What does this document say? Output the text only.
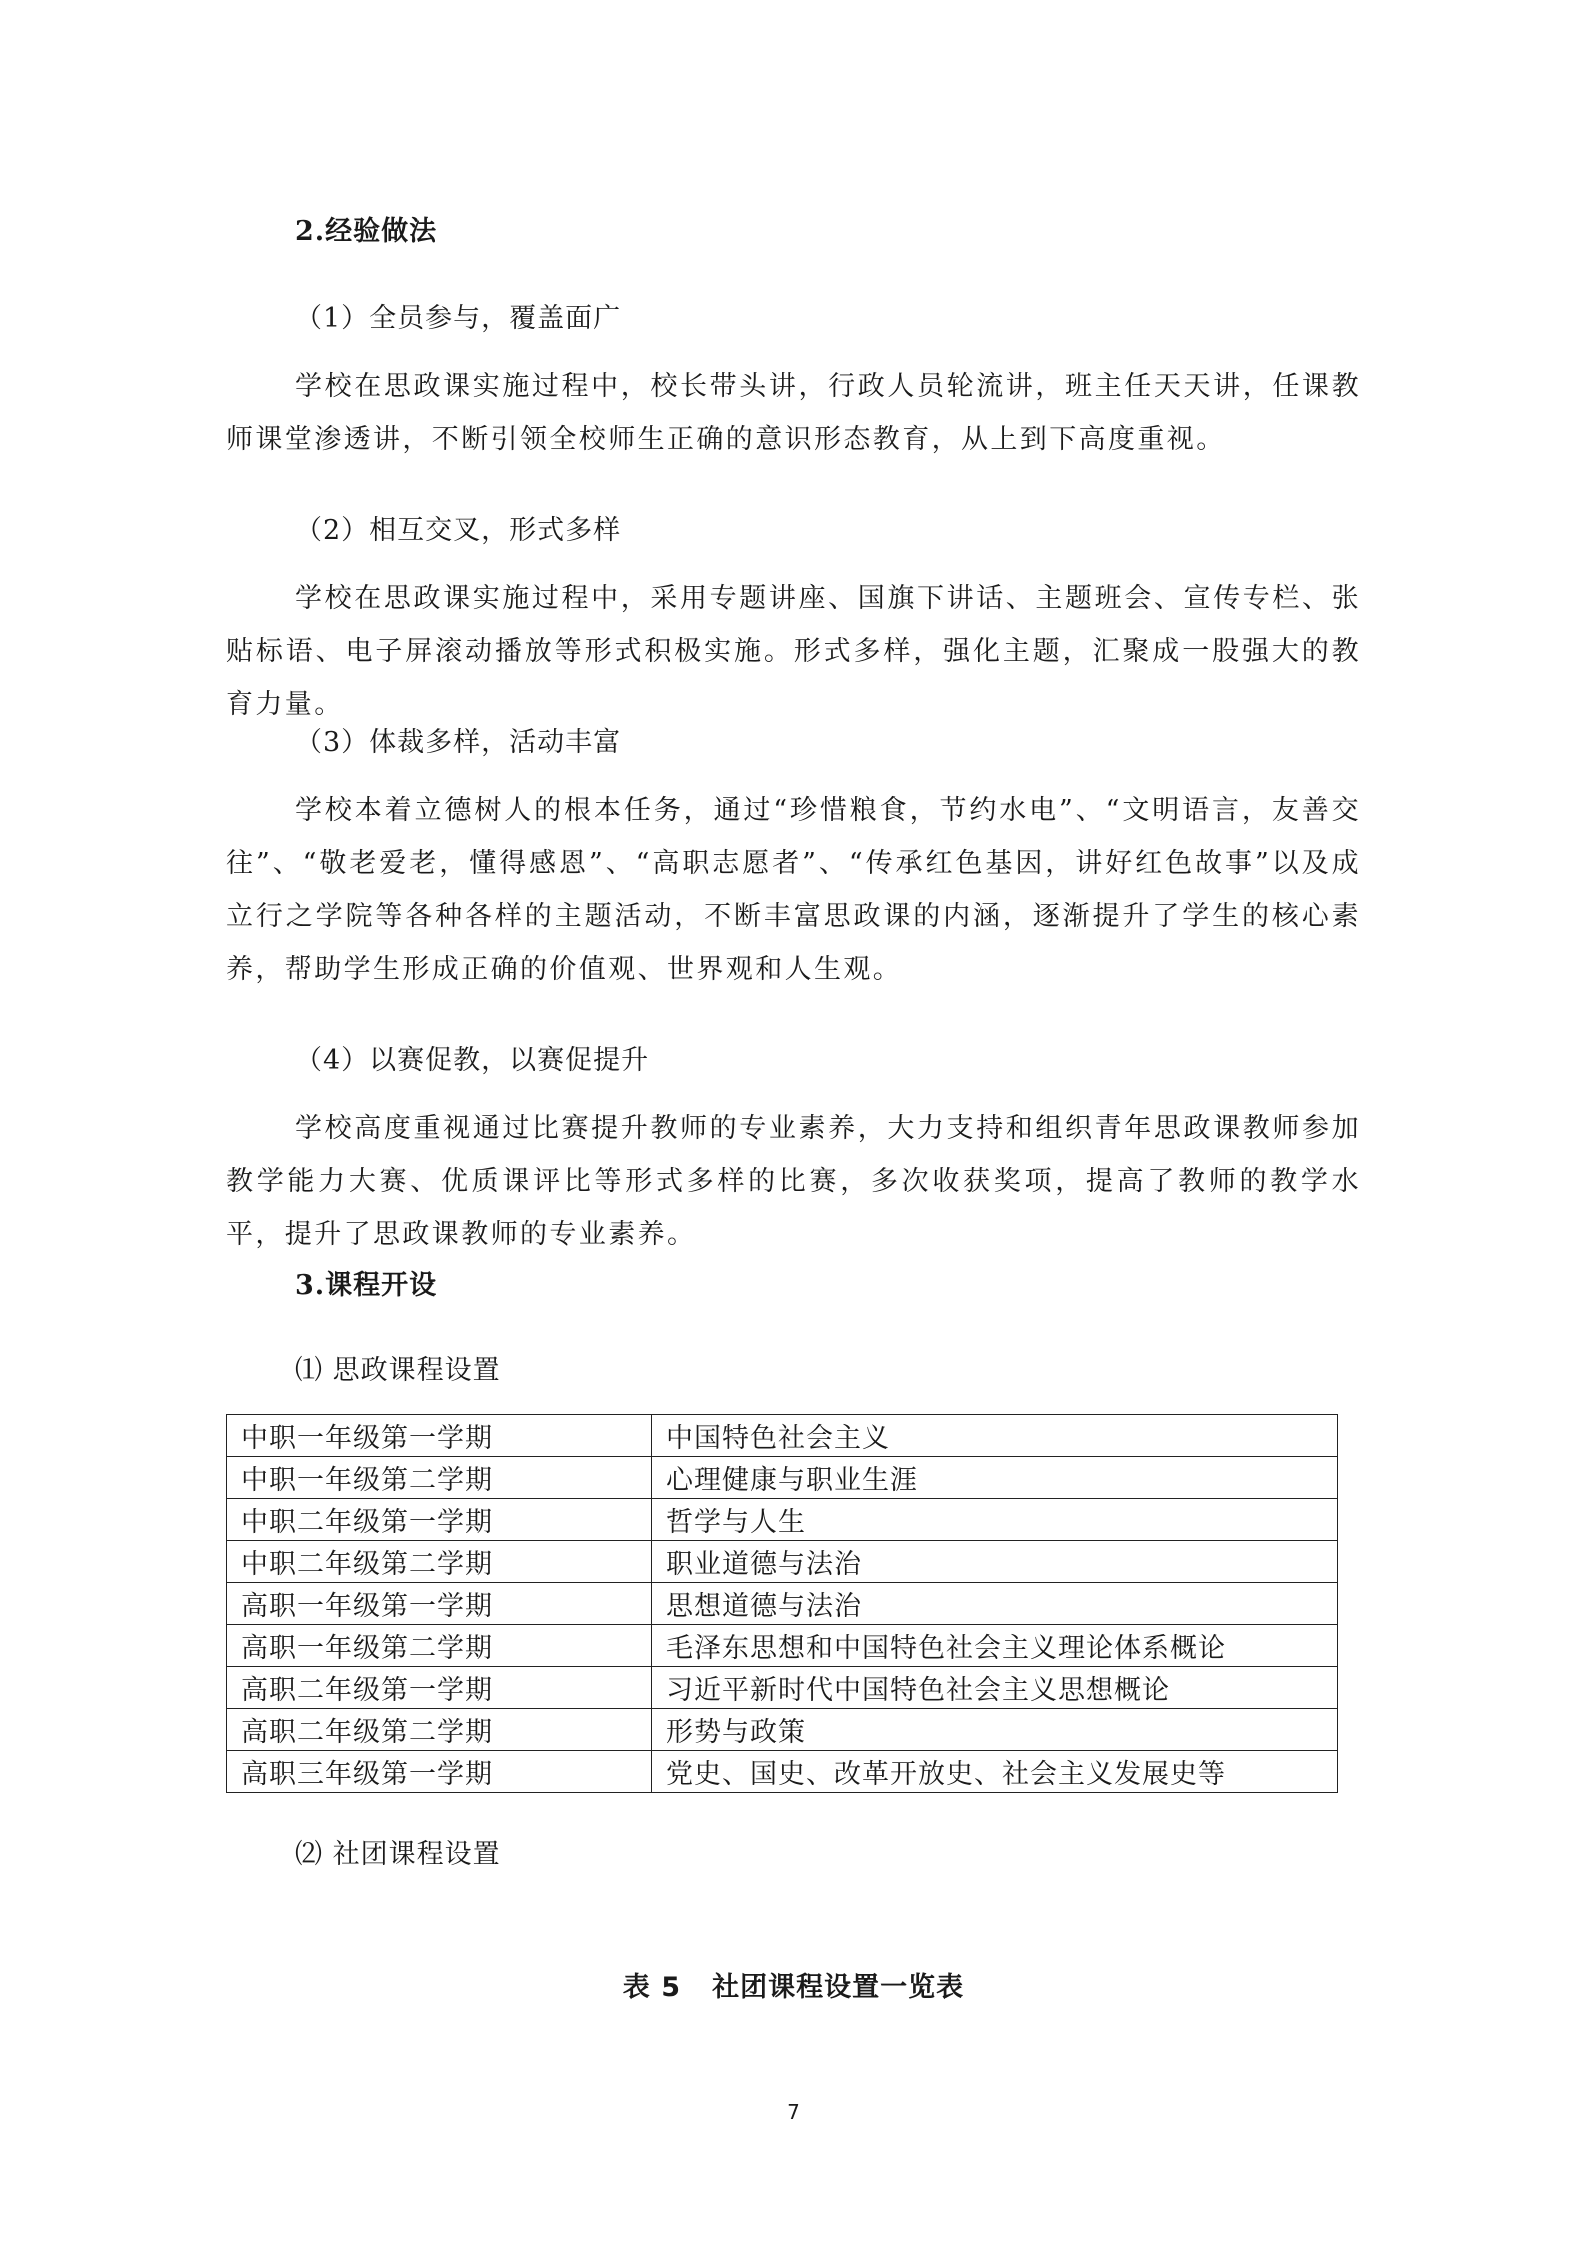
2.经验做法
（1）全员参与，覆盖面广

学校在思政课实施过程中，校长带头讲，行政人员轮流讲，班主任天天讲，任课教师课堂渗透讲，不断引领全校师生正确的意识形态教育，从上到下高度重视。

（2）相互交叉，形式多样

学校在思政课实施过程中，采用专题讲座、国旗下讲话、主题班会、宣传专栏、张贴标语、电子屏滚动播放等形式积极实施。形式多样，强化主题，汇聚成一股强大的教育力量。

（3）体裁多样，活动丰富

学校本着立德树人的根本任务，通过“珍惜粮食，节约水电”、“文明语言，友善交往”、“敬老爱老，懂得感恩”、“高职志愿者”、“传承红色基因，讲好红色故事”以及成立行之学院等各种各样的主题活动，不断丰富思政课的内涵，逐渐提升了学生的核心素养，帮助学生形成正确的价值观、世界观和人生观。

（4）以赛促教，以赛促提升

学校高度重视通过比赛提升教师的专业素养，大力支持和组织青年思政课教师参加教学能力大赛、优质课评比等形式多样的比赛，多次收获奖项，提高了教师的教学水平，提升了思政课教师的专业素养。

3.课程开设
⑴ 思政课程设置
中职一年级第一学期	中国特色社会主义
中职一年级第二学期	心理健康与职业生涯
中职二年级第一学期	哲学与人生
中职二年级第二学期	职业道德与法治
高职一年级第一学期	思想道德与法治
高职一年级第二学期	毛泽东思想和中国特色社会主义理论体系概论
高职二年级第一学期	习近平新时代中国特色社会主义思想概论
高职二年级第二学期	形势与政策
高职三年级第一学期	党史、国史、改革开放史、社会主义发展史等
⑵ 社团课程设置
表 5   社团课程设置一览表
7
